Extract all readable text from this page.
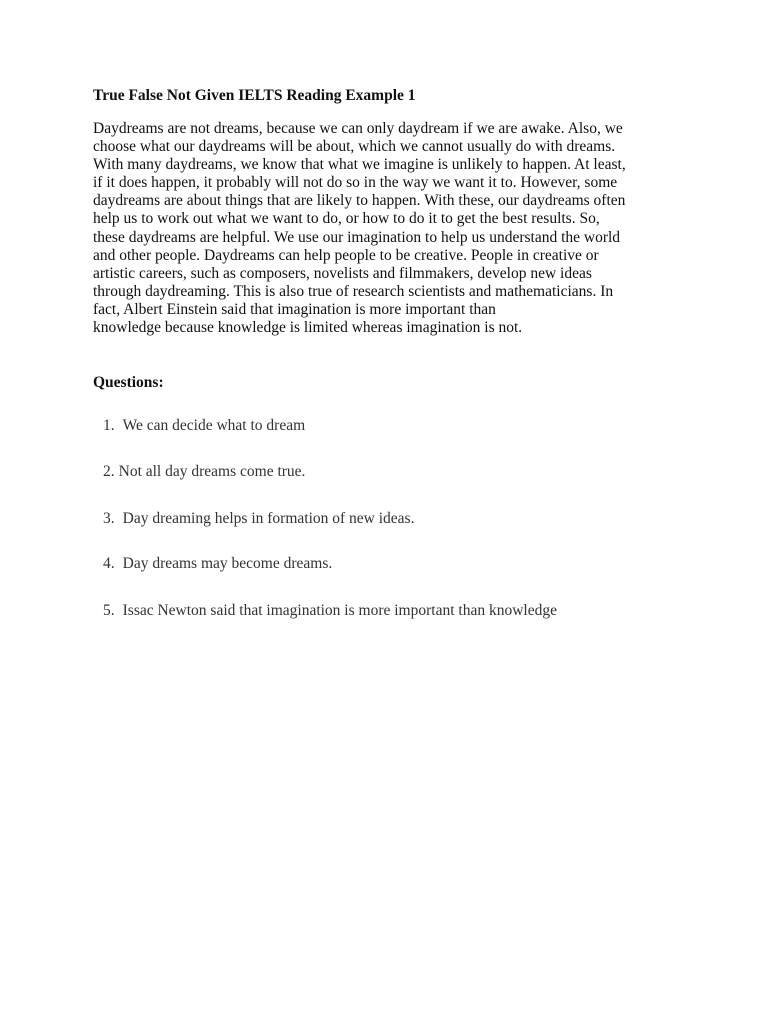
True False Not Given IELTS Reading Example 1

Daydreams are not dreams, because we can only daydream if we are awake. Also, we
choose what our daydreams will be about, which we cannot usually do with dreams.
With many daydreams, we know that what we imagine is unlikely to happen. At least,
if it does happen, it probably will not do so in the way we want it to. However, some
daydreams are about things that are likely to happen. With these, our daydreams often
help us to work out what we want to do, or how to do it to get the best results. So,
these daydreams are helpful. We use our imagination to help us understand the world
and other people. Daydreams can help people to be creative. People in creative or
artistic careers, such as composers, novelists and filmmakers, develop new ideas
through daydreaming. This is also true of research scientists and mathematicians. In
fact, Albert Einstein said that imagination is more important than
knowledge because knowledge is limited whereas imagination is not.

Questions:

1. We can decide what to dream

2. Not all day dreams come true.

3. Day dreaming helps in formation of new ideas.

4. Day dreams may become dreams.

5. Issac Newton said that imagination is more important than knowledge
